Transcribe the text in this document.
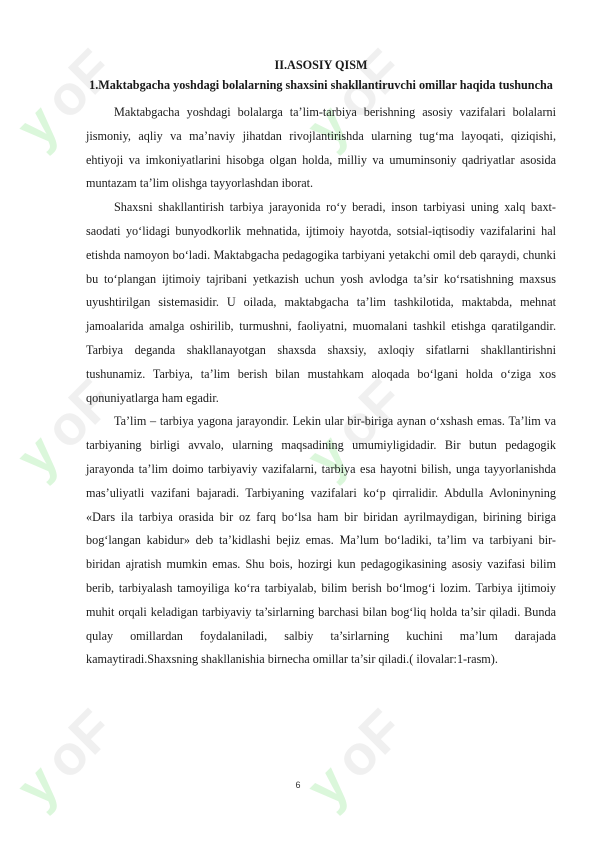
II.ASOSIY QISM
1.Maktabgacha yoshdagi bolalarning shaxsini shakllantiruvchi omillar haqida tushuncha

Maktabgacha yoshdagi bolalarga ta’lim-tarbiya berishning asosiy vazifalari bolalarni jismoniy, aqliy va ma’naviy jihatdan rivojlantirishda ularning tug‘ma layoqati, qiziqishi, ehtiyoji va imkoniyatlarini hisobga olgan holda, milliy va umuminsoniy qadriyatlar asosida muntazam ta’lim olishga tayyorlashdan iborat.

Shaxsni shakllantirish tarbiya jarayonida ro‘y beradi, inson tarbiyasi uning xalq baxt-saodati yo‘lidagi bunyodkorlik mehnatida, ijtimoiy hayotda, sotsial-iqtisodiy vazifalarini hal etishda namoyon bo‘ladi. Maktabgacha pedagogika tarbiyani yetakchi omil deb qaraydi, chunki bu to‘plangan ijtimoiy tajribani yetkazish uchun yosh avlodga ta’sir ko‘rsatishning maxsus uyushtirilgan sistemasidir. U oilada, maktabgacha ta’lim tashkilotida, maktabda, mehnat jamoalarida amalga oshirilib, turmushni, faoliyatni, muomalani tashkil etishga qaratilgandir. Tarbiya deganda shakllanayotgan shaxsda shaxsiy, axloqiy sifatlarni shakllantirishni tushunamiz. Tarbiya, ta’lim berish bilan mustahkam aloqada bo‘lgani holda o‘ziga xos qonuniyatlarga ham egadir.

Ta’lim – tarbiya yagona jarayondir. Lekin ular bir-biriga aynan o‘xshash emas. Ta’lim va tarbiyaning birligi avvalo, ularning maqsadining umumiyligidadir. Bir butun pedagogik jarayonda ta’lim doimo tarbiyaviy vazifalarni, tarbiya esa hayotni bilish, unga tayyorlanishda mas’uliyatli vazifani bajaradi. Tarbiyaning vazifalari ko‘p qirralidir. Abdulla Avloninyning «Dars ila tarbiya orasida bir oz farq bo‘lsa ham bir biridan ayrilmaydigan, birining biriga bog‘langan kabidur» deb ta’kidlashi bejiz emas. Ma’lum bo‘ladiki, ta’lim va tarbiyani bir-biridan ajratish mumkin emas. Shu bois, hozirgi kun pedagogikasining asosiy vazifasi bilim berib, tarbiyalash tamoyiliga ko‘ra tarbiyalab, bilim berish bo‘lmog‘i lozim. Tarbiya ijtimoiy muhit orqali keladigan tarbiyaviy ta’sirlarning barchasi bilan bog‘liq holda ta’sir qiladi. Bunda qulay omillardan foydalaniladi, salbiy ta’sirlarning kuchini ma’lum darajada kamaytiradi.Shaxsning shakllanishiа birnecha omillar ta’sir qiladi.( ilovalar:1-rasm).

6
